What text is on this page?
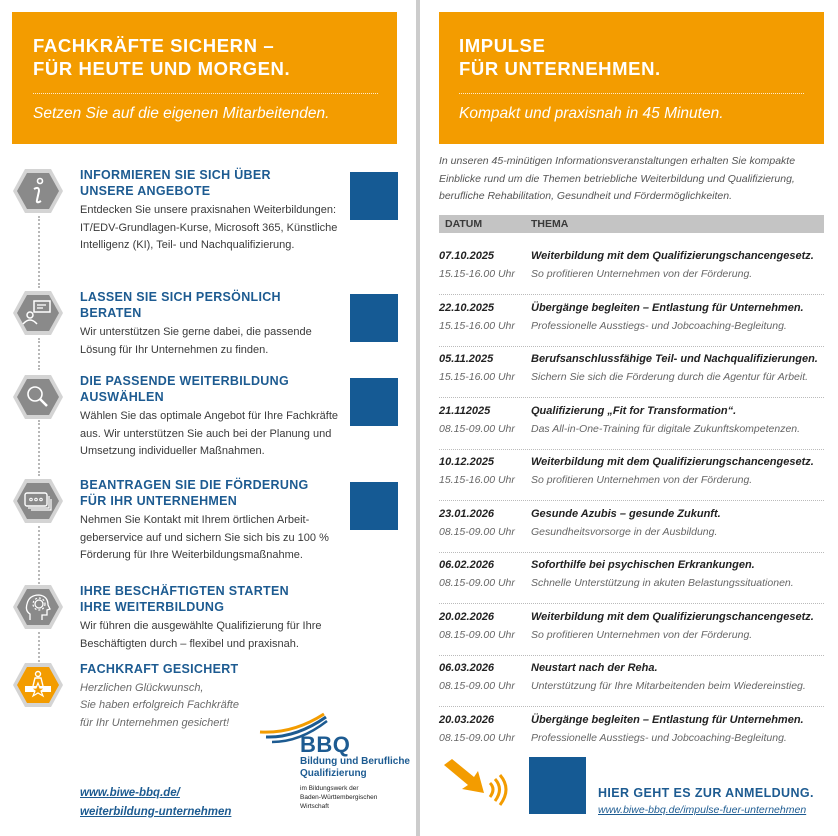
FACHKRÄFTE SICHERN –
FÜR HEUTE UND MORGEN.
Setzen Sie auf die eigenen Mitarbeitenden.
IMPULSE
FÜR UNTERNEHMEN.
Kompakt und praxisnah in 45 Minuten.
INFORMIEREN SIE SICH ÜBER
UNSERE ANGEBOTE

Entdecken Sie unsere praxisnahen Weiterbildungen: IT/EDV-Grundlagen-Kurse, Microsoft 365, Künstliche Intelligenz (KI), Teil- und Nachqualifizierung.

LASSEN SIE SICH PERSÖNLICH
BERATEN

Wir unterstützen Sie gerne dabei, die passende Lösung für Ihr Unternehmen zu finden.

DIE PASSENDE WEITERBILDUNG
AUSWÄHLEN

Wählen Sie das optimale Angebot für Ihre Fachkräfte aus. Wir unterstützen Sie auch bei der Planung und Umsetzung individueller Maßnahmen.

BEANTRAGEN SIE DIE FÖRDERUNG
FÜR IHR UNTERNEHMEN

Nehmen Sie Kontakt mit Ihrem örtlichen Arbeitgeberservice auf und sichern Sie sich bis zu 100 % Förderung für Ihre Weiterbildungsmaßnahme.

IHRE BESCHÄFTIGTEN STARTEN
IHRE WEITERBILDUNG

Wir führen die ausgewählte Qualifizierung für Ihre Beschäftigten durch – flexibel und praxisnah.

FACHKRAFT GESICHERT

Herzlichen Glückwunsch,
Sie haben erfolgreich Fachkräfte
für Ihr Unternehmen gesichert!

www.biwe-bbq.de/
weiterbildung-unternehmen
BBQ
Bildung und Berufliche
Qualifizierung
im Bildungswerk der
Baden-Württembergischen
Wirtschaft
In unseren 45-minütigen Informationsveranstaltungen erhalten Sie kompakte Einblicke rund um die Themen betriebliche Weiterbildung und Qualifizierung, berufliche Rehabilitation, Gesundheit und Fördermöglichkeiten.
DATUM	THEMA
07.10.2025
15.15-16.00 Uhr
Weiterbildung mit dem Qualifizierungschancengesetz.
So profitieren Unternehmen von der Förderung.
22.10.2025
15.15-16.00 Uhr
Übergänge begleiten – Entlastung für Unternehmen.
Professionelle Ausstiegs- und Jobcoaching-Begleitung.
05.11.2025
15.15-16.00 Uhr
Berufsanschlussfähige Teil- und Nachqualifizierungen.
Sichern Sie sich die Förderung durch die Agentur für Arbeit.
21.112025
08.15-09.00 Uhr
Qualifizierung „Fit for Transformation“.
Das All-in-One-Training für digitale Zukunftskompetenzen.
10.12.2025
15.15-16.00 Uhr
Weiterbildung mit dem Qualifizierungschancengesetz.
So profitieren Unternehmen von der Förderung.
23.01.2026
08.15-09.00 Uhr
Gesunde Azubis – gesunde Zukunft.
Gesundheitsvorsorge in der Ausbildung.
06.02.2026
08.15-09.00 Uhr
Soforthilfe bei psychischen Erkrankungen.
Schnelle Unterstützung in akuten Belastungssituationen.
20.02.2026
08.15-09.00 Uhr
Weiterbildung mit dem Qualifizierungschancengesetz.
So profitieren Unternehmen von der Förderung.
06.03.2026
08.15-09.00 Uhr
Neustart nach der Reha.
Unterstützung für Ihre Mitarbeitenden beim Wiedereinstieg.
20.03.2026
08.15-09.00 Uhr
Übergänge begleiten – Entlastung für Unternehmen.
Professionelle Ausstiegs- und Jobcoaching-Begleitung.
HIER GEHT ES ZUR ANMELDUNG.
www.biwe-bbq.de/impulse-fuer-unternehmen
